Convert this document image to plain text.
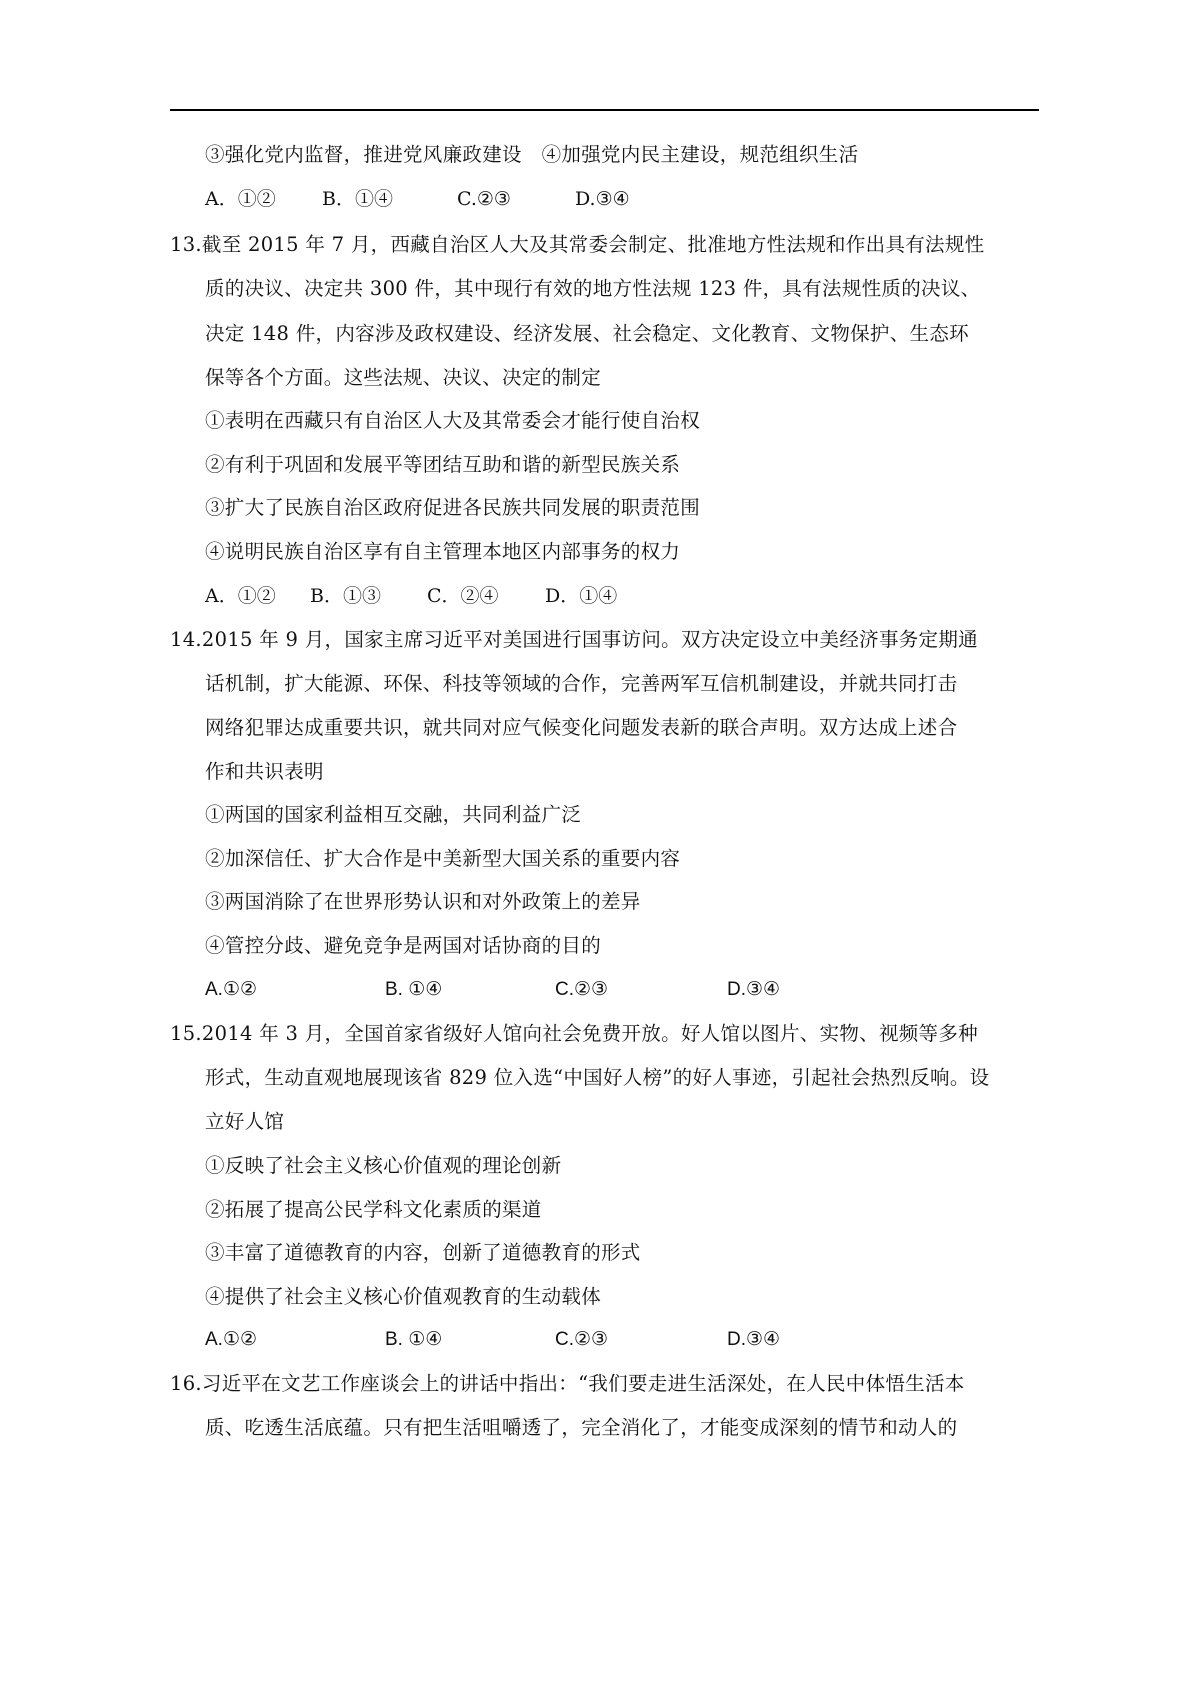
③强化党内监督，推进党风廉政建设　④加强党内民主建设，规范组织生活
A．①② B．①④	C.②③	D.③④
13.截至 2015 年 7 月，西藏自治区人大及其常委会制定、批准地方性法规和作出具有法规性
质的决议、决定共 300 件，其中现行有效的地方性法规 123 件，具有法规性质的决议、
决定 148 件，内容涉及政权建设、经济发展、社会稳定、文化教育、文物保护、生态环
保等各个方面。这些法规、决议、决定的制定
①表明在西藏只有自治区人大及其常委会才能行使自治权
②有利于巩固和发展平等团结互助和谐的新型民族关系
③扩大了民族自治区政府促进各民族共同发展的职责范围
④说明民族自治区享有自主管理本地区内部事务的权力
A．①② B．①③ C．②④ D．①④
14.2015 年 9 月，国家主席习近平对美国进行国事访问。双方决定设立中美经济事务定期通
话机制，扩大能源、环保、科技等领域的合作，完善两军互信机制建设，并就共同打击
网络犯罪达成重要共识，就共同对应气候变化问题发表新的联合声明。双方达成上述合
作和共识表明
①两国的国家利益相互交融，共同利益广泛
②加深信任、扩大合作是中美新型大国关系的重要内容
③两国消除了在世界形势认识和对外政策上的差异
④管控分歧、避免竞争是两国对话协商的目的
A.①②	B. ①④	C.②③	D.③④
15.2014 年 3 月，全国首家省级好人馆向社会免费开放。好人馆以图片、实物、视频等多种
形式，生动直观地展现该省 829 位入选“中国好人榜”的好人事迹，引起社会热烈反响。设
立好人馆
①反映了社会主义核心价值观的理论创新
②拓展了提高公民学科文化素质的渠道
③丰富了道德教育的内容，创新了道德教育的形式
④提供了社会主义核心价值观教育的生动载体
A.①②	B. ①④	C.②③	D.③④
16.习近平在文艺工作座谈会上的讲话中指出：“我们要走进生活深处，在人民中体悟生活本
质、吃透生活底蕴。只有把生活咀嚼透了，完全消化了，才能变成深刻的情节和动人的
